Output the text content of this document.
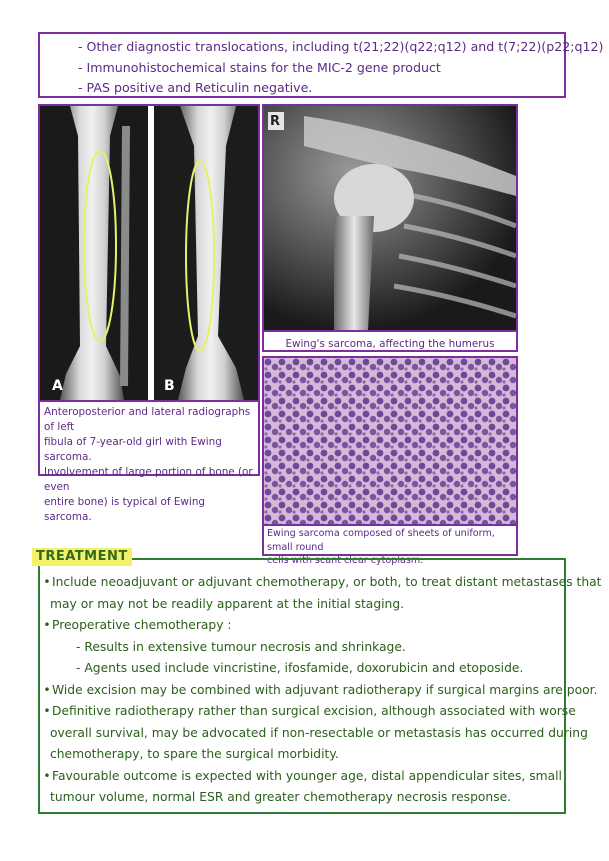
- Other diagnostic translocations, including t(21;22)(q22;q12) and t(7;22)(p22;q12)
- Immunohistochemical stains for the MIC-2 gene product
- PAS positive and Reticulin negative.
A	B
Anteroposterior and lateral radiographs of left
fibula of 7-year-old girl with Ewing sarcoma.
Involvement of large portion of bone (or even
entire bone) is typical of Ewing sarcoma.
R
Ewing's sarcoma, affecting the humerus
Ewing sarcoma composed of sheets of uniform, small round
cells with scant clear cytoplasm.
TREATMENT
•Include neoadjuvant or adjuvant chemotherapy, or both, to treat distant metastases that
may or may not be readily apparent at the initial staging.
•Preoperative chemotherapy :
- Results in extensive tumour necrosis and shrinkage.
- Agents used include vincristine, ifosfamide, doxorubicin and etoposide.
•Wide excision may be combined with adjuvant radiotherapy if surgical margins are poor.
•Definitive radiotherapy rather than surgical excision, although associated with worse
overall survival, may be advocated if non-resectable or metastasis has occurred during
chemotherapy, to spare the surgical morbidity.
•Favourable outcome is expected with younger age, distal appendicular sites, small
tumour volume, normal ESR and greater chemotherapy necrosis response.
